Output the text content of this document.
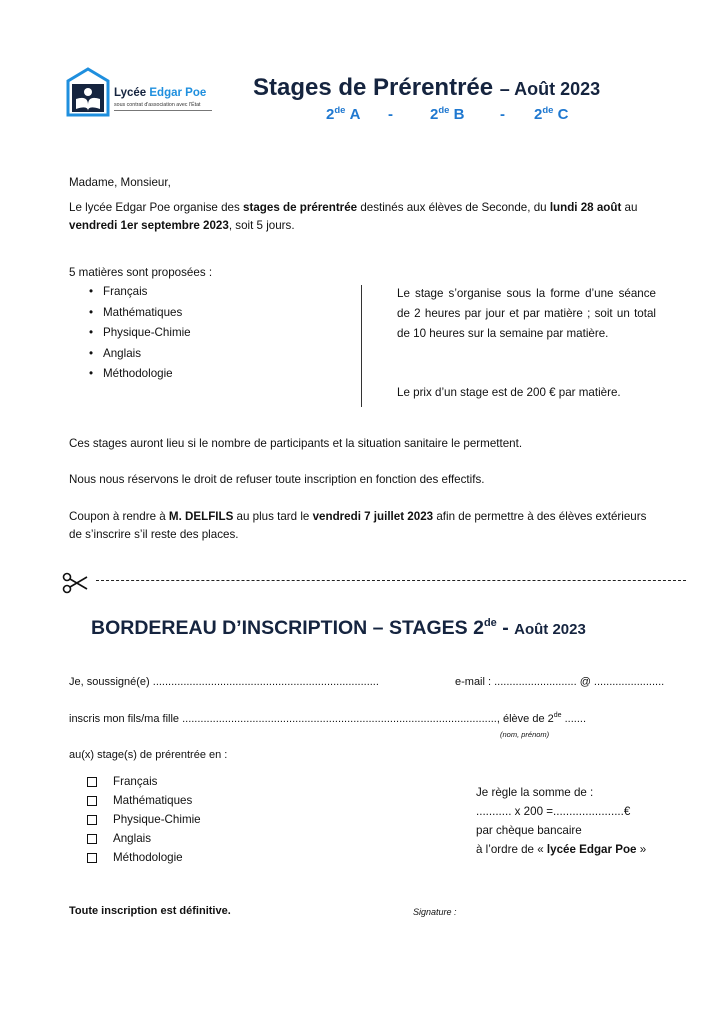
Lycée Edgar Poe
sous contrat d'association avec l'État
Stages de Prérentrée – Août 2023
2de A - 2de B - 2de C
Madame, Monsieur,
Le lycée Edgar Poe organise des stages de prérentrée destinés aux élèves de Seconde, du lundi 28 août au vendredi 1er septembre 2023, soit 5 jours.
5 matières sont proposées :
• Français
• Mathématiques
• Physique-Chimie
• Anglais
• Méthodologie
Le stage s’organise sous la forme d’une séance de 2 heures par jour et par matière ; soit un total de 10 heures sur la semaine par matière.
Le prix d’un stage est de 200 € par matière.
Ces stages auront lieu si le nombre de participants et la situation sanitaire le permettent.
Nous nous réservons le droit de refuser toute inscription en fonction des effectifs.
Coupon à rendre à M. DELFILS au plus tard le vendredi 7 juillet 2023 afin de permettre à des élèves extérieurs de s’inscrire s’il reste des places.
BORDEREAU D’INSCRIPTION – STAGES 2de - Août 2023
Je, soussigné(e) ..........................................................................	e-mail : ........................... @ .......................
inscris mon fils/ma fille ......................................................................................................., élève de 2de .......
(nom, prénom)
au(x) stage(s) de prérentrée en :
Français
Mathématiques
Physique-Chimie
Anglais
Méthodologie
Je règle la somme de :
........... x 200 =......................€
par chèque bancaire
à l’ordre de « lycée Edgar Poe »
Toute inscription est définitive.	Signature :
